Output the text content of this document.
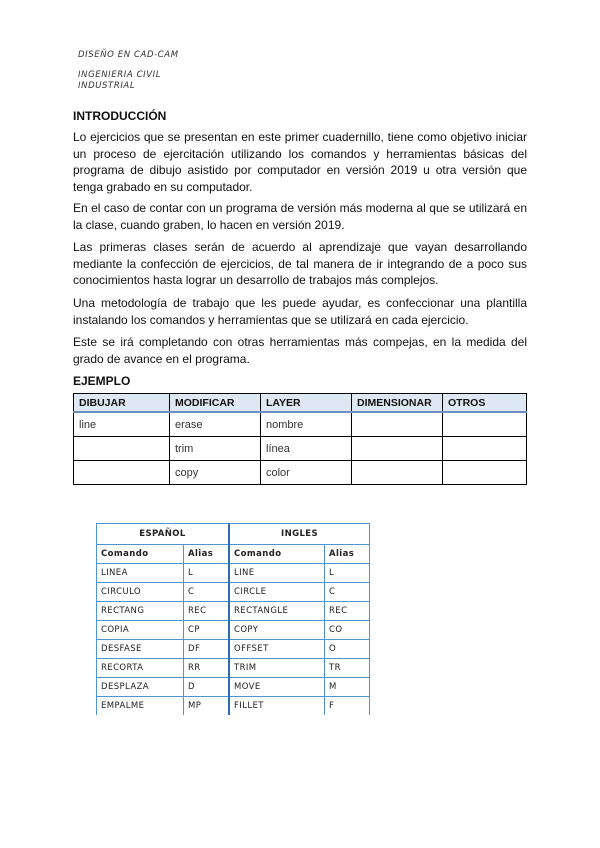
DISEÑO EN CAD-CAM
INGENIERIA CIVIL
INDUSTRIAL
INTRODUCCIÓN

Lo ejercicios que se presentan en este primer cuadernillo, tiene como objetivo iniciar un proceso de ejercitación utilizando los comandos y herramientas básicas del programa de dibujo asistido por computador en versión 2019 u otra versión que tenga grabado en su computador.

En el caso de contar con un programa de versión más moderna al que se utilizará en la clase, cuando graben, lo hacen en versión 2019.

Las primeras clases serán de acuerdo al aprendizaje que vayan desarrollando mediante la confección de ejercicios, de tal manera de ir integrando de a poco sus conocimientos hasta lograr un desarrollo de trabajos más complejos.

Una metodología de trabajo que les puede ayudar, es confeccionar una plantilla instalando los comandos y herramientas que se utilizará en cada ejercicio.

Este se irá completando con otras herramientas más compejas, en la medida del grado de avance en el programa.

EJEMPLO
DIBUJAR	MODIFICAR	LAYER	DIMENSIONAR	OTROS
line	erase	nombre		
	trim	línea		
	copy	color		
ESPAÑOL		INGLES	
Comando	Alias	Comando	Alias
LINEA	L	LINE	L
CIRCULO	C	CIRCLE	C
RECTANG	REC	RECTANGLE	REC
COPIA	CP	COPY	CO
DESFASE	DF	OFFSET	O
RECORTA	RR	TRIM	TR
DESPLAZA	D	MOVE	M
EMPALME	MP	FILLET	F
